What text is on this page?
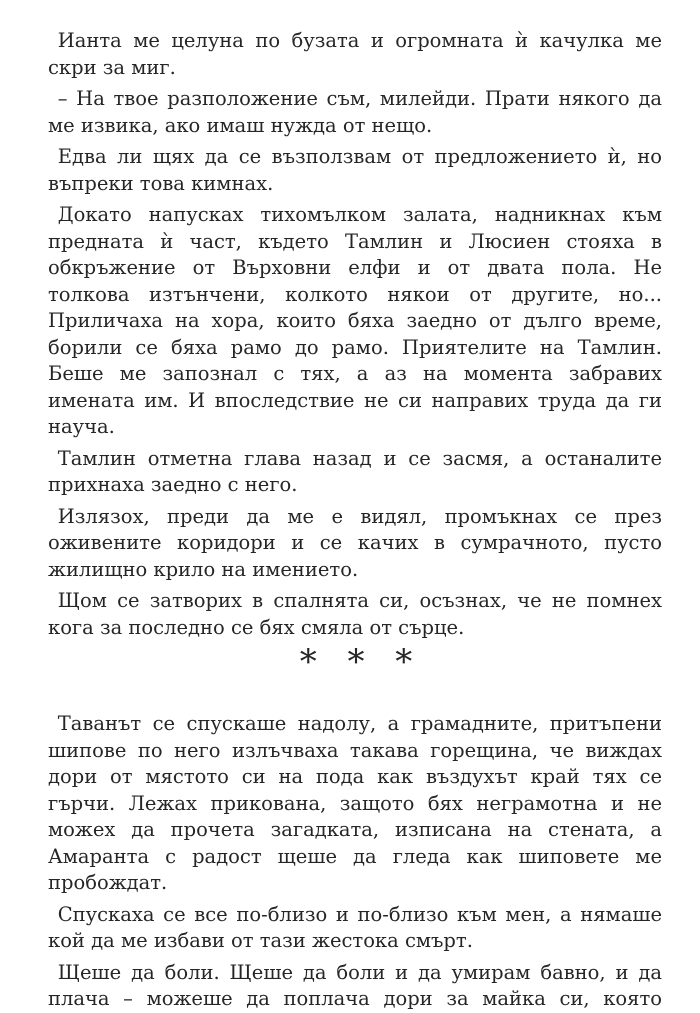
Ианта ме целуна по бузата и огромната ѝ качулка ме скри за миг.

– На твое разположение съм, милейди. Прати някого да ме извика, ако имаш нужда от нещо.

Едва ли щях да се възползвам от предложението ѝ, но въпреки това кимнах.

Докато напусках тихомълком залата, надникнах към предната ѝ част, където Тамлин и Люсиен стояха в обкръжение от Върховни елфи и от двата пола. Не толкова изтънчени, колкото някои от другите, но... Приличаха на хора, които бяха заедно от дълго време, борили се бяха рамо до рамо. Приятелите на Тамлин. Беше ме запознал с тях, а аз на момента забравих имената им. И впоследствие не си направих труда да ги науча.

Тамлин отметна глава назад и се засмя, а останалите прихнаха заедно с него.

Излязох, преди да ме е видял, промъкнах се през оживените коридори и се качих в сумрачното, пусто жилищно крило на имението.

Щом се затворих в спалнята си, осъзнах, че не помнех кога за последно се бях смяла от сърце.

* * *

Таванът се спускаше надолу, а грамадните, притъпени шипове по него излъчваха такава горещина, че виждах дори от мястото си на пода как въздухът край тях се гърчи. Лежах прикована, защото бях неграмотна и не можех да прочета загадката, изписана на стената, а Амаранта с радост щеше да гледа как шиповете ме пробождат.

Спускаха се все по-близо и по-близо към мен, а нямаше кой да ме избави от тази жестока смърт.

Щеше да боли. Щеше да боли и да умирам бавно, и да плача – можеше да поплача дори за майка си, която
